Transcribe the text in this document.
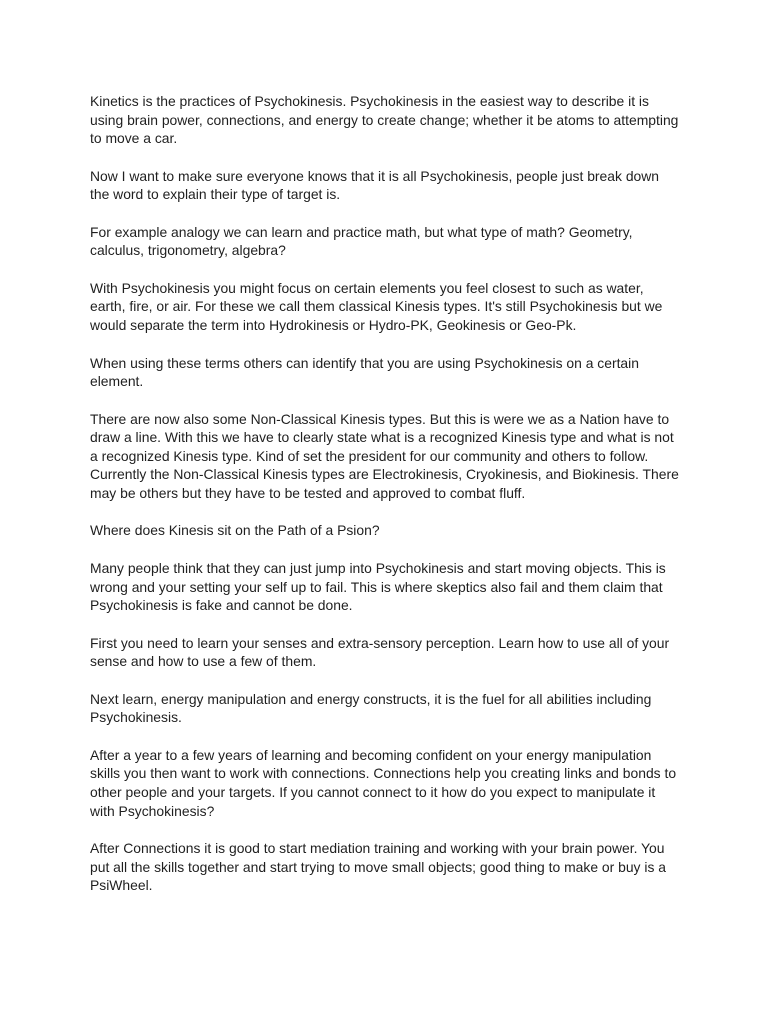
Kinetics is the practices of Psychokinesis. Psychokinesis in the easiest way to describe it is
using brain power, connections, and energy to create change; whether it be atoms to attempting
to move a car.

Now I want to make sure everyone knows that it is all Psychokinesis, people just break down
the word to explain their type of target is.

For example analogy we can learn and practice math, but what type of math? Geometry,
calculus, trigonometry, algebra?

With Psychokinesis you might focus on certain elements you feel closest to such as water,
earth, fire, or air. For these we call them classical Kinesis types. It's still Psychokinesis but we
would separate the term into Hydrokinesis or Hydro-PK, Geokinesis or Geo-Pk.

When using these terms others can identify that you are using Psychokinesis on a certain
element.

There are now also some Non-Classical Kinesis types. But this is were we as a Nation have to
draw a line. With this we have to clearly state what is a recognized Kinesis type and what is not
a recognized Kinesis type. Kind of set the president for our community and others to follow.
Currently the Non-Classical Kinesis types are Electrokinesis, Cryokinesis, and Biokinesis. There
may be others but they have to be tested and approved to combat fluff.

Where does Kinesis sit on the Path of a Psion?

Many people think that they can just jump into Psychokinesis and start moving objects. This is
wrong and your setting your self up to fail. This is where skeptics also fail and them claim that
Psychokinesis is fake and cannot be done.

First you need to learn your senses and extra-sensory perception. Learn how to use all of your
sense and how to use a few of them.

Next learn, energy manipulation and energy constructs, it is the fuel for all abilities including
Psychokinesis.

After a year to a few years of learning and becoming confident on your energy manipulation
skills you then want to work with connections. Connections help you creating links and bonds to
other people and your targets. If you cannot connect to it how do you expect to manipulate it
with Psychokinesis?

After Connections it is good to start mediation training and working with your brain power. You
put all the skills together and start trying to move small objects; good thing to make or buy is a
PsiWheel.
